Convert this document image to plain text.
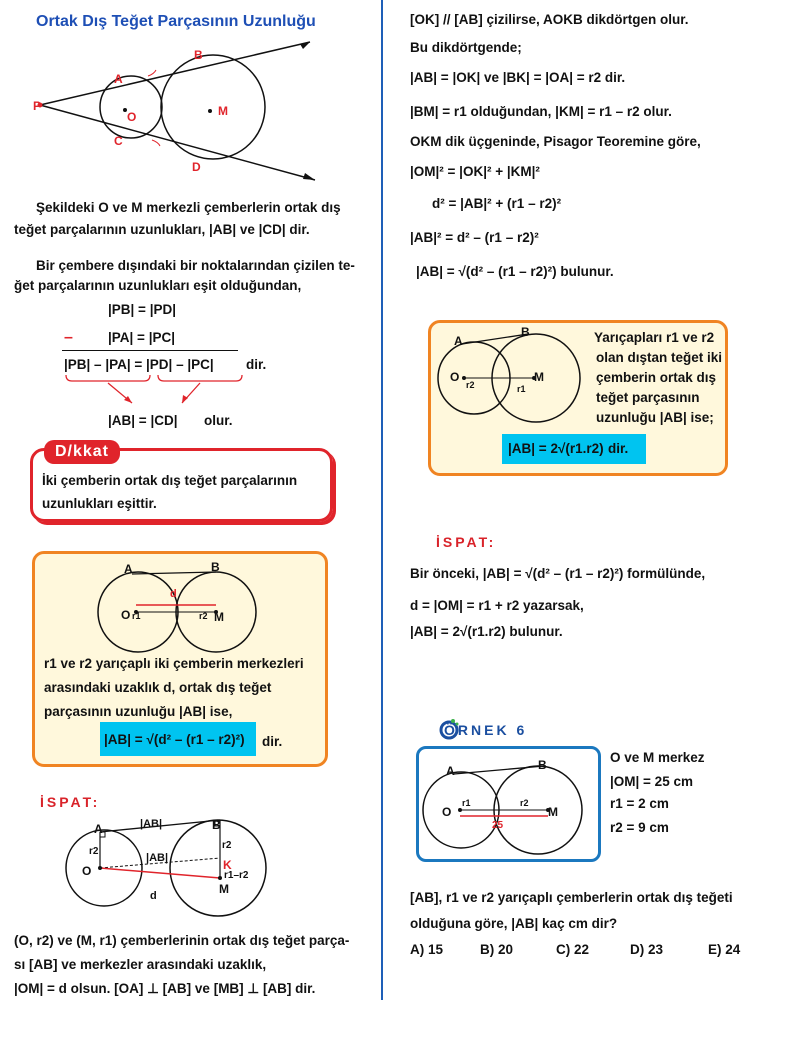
Ortak Dış Teğet Parçasının Uzunluğu
A
B
C
D
O	M
P
Şekildeki O ve M merkezli çemberlerin ortak dış
teğet parçalarının uzunlukları, |AB| ve |CD| dir.
Bir çembere dışındaki bir noktalarından çizilen te-
ğet parçalarının uzunlukları eşit olduğundan,
|PB| = |PD|
–	|PA| = |PC|
|PB| – |PA| = |PD| – |PC| dir.
|AB| = |CD| olur.
D/kkat
İki çemberin ortak dış teğet parçalarının
uzunlukları eşittir.
A	B
d
O r1	r2 M
r1 ve r2 yarıçaplı iki çemberin merkezleri
arasındaki uzaklık d, ortak dış teğet
parçasının uzunluğu |AB| ise,
|AB| = √(d² – (r1 – r2)²) dir.
İSPAT:
A	B
|AB|
|AB|
r2
r2
O	K
r1–r2
M
d
(O, r2) ve (M, r1) çemberlerinin ortak dış teğet parça-
sı [AB] ve merkezler arasındaki uzaklık,
|OM| = d olsun. [OA] ⊥ [AB] ve [MB] ⊥ [AB] dir.
[OK] // [AB] çizilirse, AOKB dikdörtgen olur.
Bu dikdörtgende;
|AB| = |OK| ve |BK| = |OA| = r2 dir.
|BM| = r1 olduğundan, |KM| = r1 – r2 olur.
OKM dik üçgeninde, Pisagor Teoremine göre,
|OM|² = |OK|² + |KM|²
d² = |AB|² + (r1 – r2)²
|AB|² = d² – (r1 – r2)²
|AB| = √(d² – (r1 – r2)²) bulunur.
A
B
O
r2	r1
M
Yarıçapları r1 ve r2
olan dıştan teğet iki
çemberin ortak dış
teğet parçasının
uzunluğu |AB| ise;
|AB| = 2√(r1.r2) dir.
İSPAT:
Bir önceki, |AB| = √(d² – (r1 – r2)²) formülünde,
d = |OM| = r1 + r2 yazarsak,
|AB| = 2√(r1.r2) bulunur.
ÖRNEK 6
A	B
O
r1	r2
M
25
O ve M merkez
|OM| = 25 cm
r1 = 2 cm
r2 = 9 cm
[AB], r1 ve r2 yarıçaplı çemberlerin ortak dış teğeti
olduğuna göre, |AB| kaç cm dir?
A) 15	B) 20	C) 22	D) 23	E) 24
